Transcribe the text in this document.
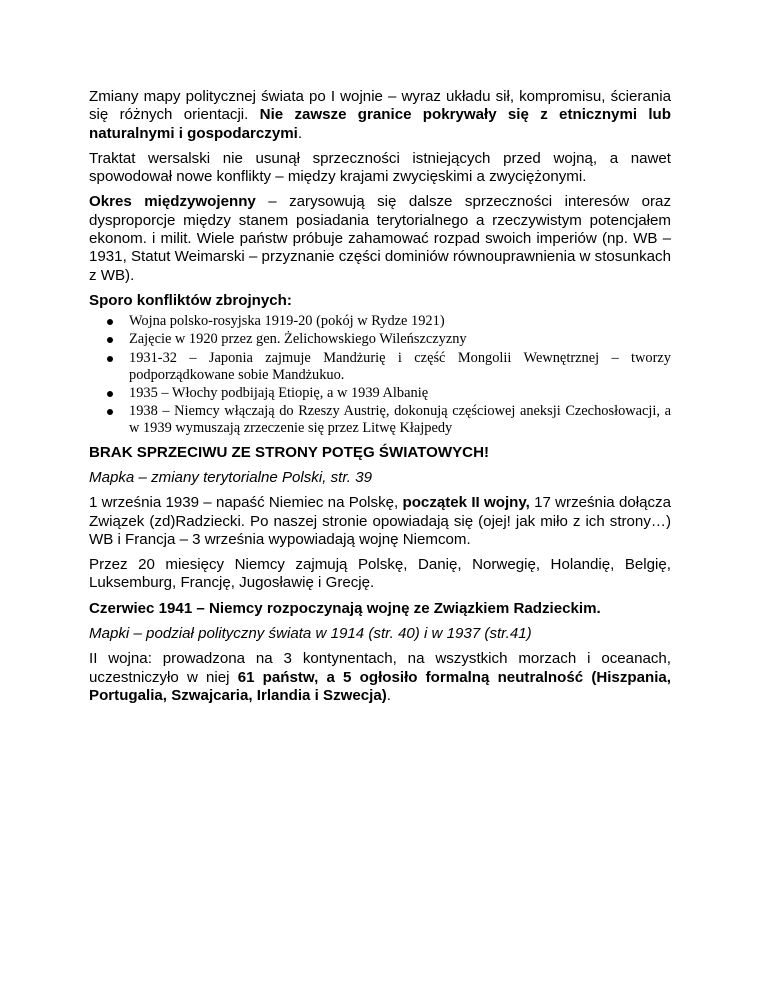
Zmiany mapy politycznej świata po I wojnie – wyraz układu sił, kompromisu, ścierania się różnych orientacji. Nie zawsze granice pokrywały się z etnicznymi lub naturalnymi i gospodarczymi.

Traktat wersalski nie usunął sprzeczności istniejących przed wojną, a nawet spowodował nowe konflikty – między krajami zwycięskimi a zwyciężonymi.

Okres międzywojenny – zarysowują się dalsze sprzeczności interesów oraz dysproporcje między stanem posiadania terytorialnego a rzeczywistym potencjałem ekonom. i milit. Wiele państw próbuje zahamować rozpad swoich imperiów (np. WB – 1931, Statut Weimarski – przyznanie części dominiów równouprawnienia w stosunkach z WB).

Sporo konfliktów zbrojnych:

Wojna polsko-rosyjska 1919-20 (pokój w Rydze 1921)
Zajęcie w 1920 przez gen. Żelichowskiego Wileńszczyzny
1931-32 – Japonia zajmuje Mandżurię i część Mongolii Wewnętrznej – tworzy podporządkowane sobie Mandżukuo.
1935 – Włochy podbijają Etiopię, a w 1939 Albanię
1938 – Niemcy włączają do Rzeszy Austrię, dokonują częściowej aneksji Czechosłowacji, a w 1939 wymuszają zrzeczenie się przez Litwę Kłajpedy

BRAK SPRZECIWU ZE STRONY POTĘG ŚWIATOWYCH!

Mapka – zmiany terytorialne Polski, str. 39

1 września 1939 – napaść Niemiec na Polskę, początek II wojny, 17 września dołącza Związek (zd)Radziecki. Po naszej stronie opowiadają się (ojej! jak miło z ich strony…) WB i Francja – 3 września wypowiadają wojnę Niemcom.

Przez 20 miesięcy Niemcy zajmują Polskę, Danię, Norwegię, Holandię, Belgię, Luksemburg, Francję, Jugosławię i Grecję.

Czerwiec 1941 – Niemcy rozpoczynają wojnę ze Związkiem Radzieckim.

Mapki – podział polityczny świata w 1914 (str. 40) i w 1937 (str.41)

II wojna: prowadzona na 3 kontynentach, na wszystkich morzach i oceanach, uczestniczyło w niej 61 państw, a 5 ogłosiło formalną neutralność (Hiszpania, Portugalia, Szwajcaria, Irlandia i Szwecja).
